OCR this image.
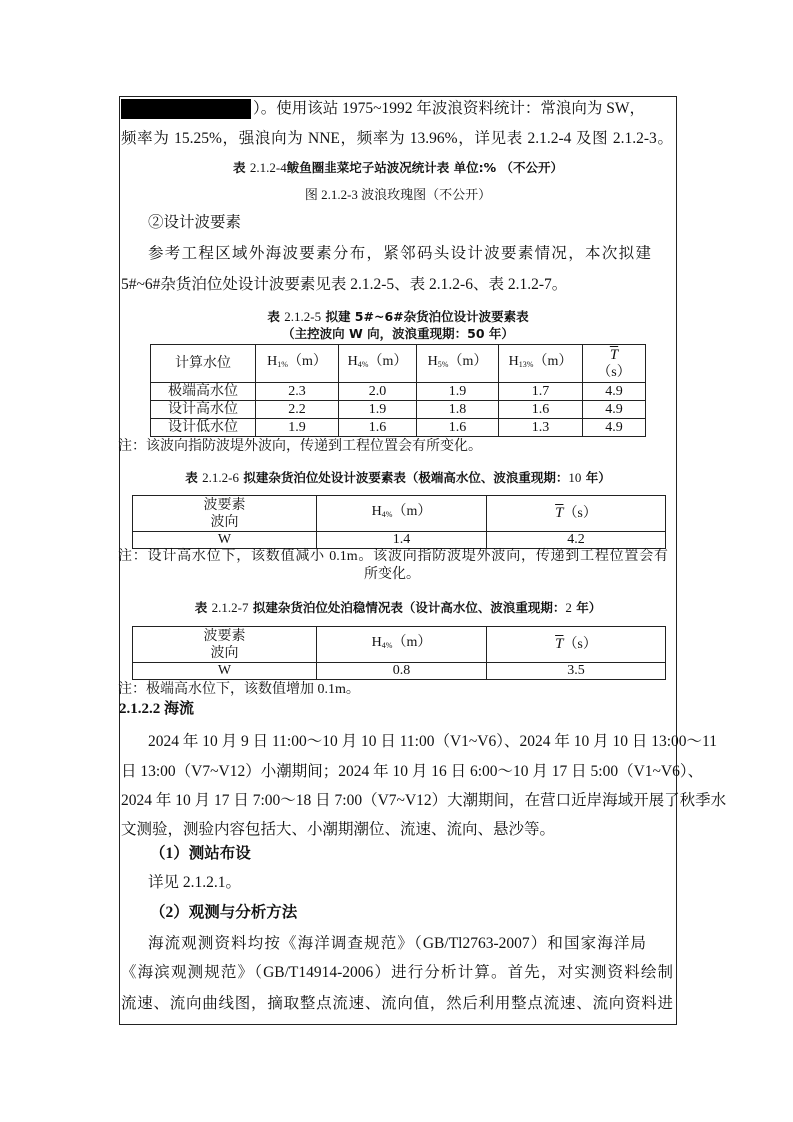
）。使用该站 1975~1992 年波浪资料统计：常浪向为 SW，
频率为 15.25%，强浪向为 NNE，频率为 13.96%，详见表 2.1.2-4 及图 2.1.2-3。
表 2.1.2-4鲅鱼圈韭菜坨子站波况统计表 单位:% （不公开）
图 2.1.2-3 波浪玫瑰图（不公开）
②设计波要素
参考工程区域外海波要素分布，紧邻码头设计波要素情况，本次拟建
5#~6#杂货泊位处设计波要素见表 2.1.2-5、表 2.1.2-6、表 2.1.2-7。
表 2.1.2-5 拟建 5#~6#杂货泊位设计波要素表
（主控波向 W 向，波浪重现期：50 年）
计算水位	$H_{1\%}(m)$	$H_{4\%}(m)$	$H_{5\%}(m)$	$H_{13\%}(m)$	$\overline{T}$
（s）

极端高水位	2.3	2.0	1.9	1.7	4.9
设计高水位	2.2	1.9	1.8	1.6	4.9
设计低水位	1.9	1.6	1.6	1.3	4.9
注：该波向指防波堤外波向，传递到工程位置会有所变化。
表 2.1.2-6 拟建杂货泊位处设计波要素表（极端高水位、波浪重现期：10 年）
波要素
波向	$H_{4\%}(m)$	$\overline{T}(s)$
W	1.4	4.2
注：设计高水位下，该数值减小 0.1m。该波向指防波堤外波向，传递到工程位置会有
所变化。
表 2.1.2-7 拟建杂货泊位处泊稳情况表（设计高水位、波浪重现期：2 年）
波要素
波向	$H_{4\%}(m)$	$\overline{T}(s)$
W	0.8	3.5
注：极端高水位下，该数值增加 0.1m。
2.1.2.2 海流
2024 年 10 月 9 日 11:00～10 月 10 日 11:00（V1~V6）、2024 年 10 月 10 日 13:00～11
日 13:00（V7~V12）小潮期间；2024 年 10 月 16 日 6:00～10 月 17 日 5:00（V1~V6）、
2024 年 10 月 17 日 7:00～18 日 7:00（V7~V12）大潮期间，在营口近岸海域开展了秋季水
文测验，测验内容包括大、小潮期潮位、流速、流向、悬沙等。
（1）测站布设
详见 2.1.2.1。
（2）观测与分析方法
海流观测资料均按《海洋调查规范》（GB/Tl2763-2007）和国家海洋局
《海滨观测规范》（GB/T14914-2006）进行分析计算。首先，对实测资料绘制
流速、流向曲线图，摘取整点流速、流向值，然后利用整点流速、流向资料进
